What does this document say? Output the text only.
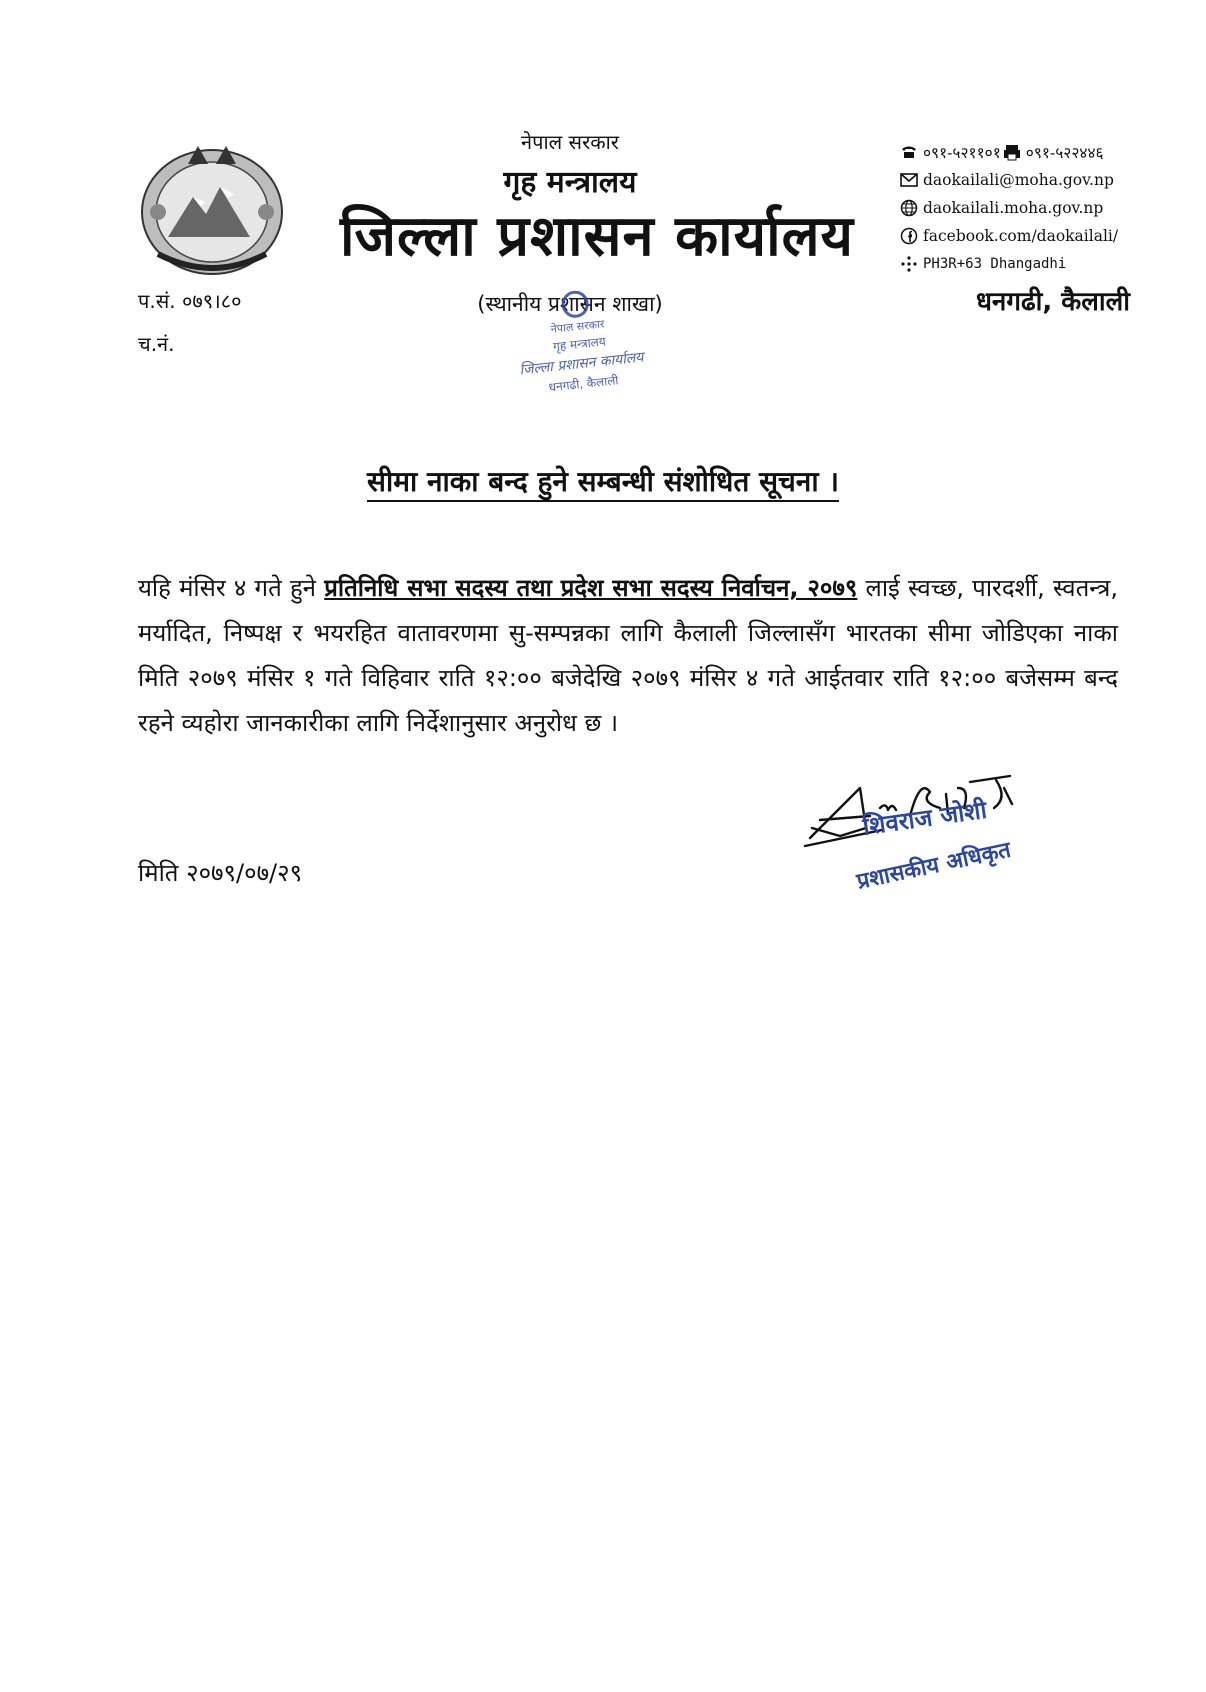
नेपाल सरकार
गृह मन्त्रालय
जिल्ला प्रशासन कार्यालय
(स्थानीय प्रशासन शाखा)
०९१-५२११०१ ०९१-५२२४४६
daokailali@moha.gov.np
daokailali.moha.gov.np
facebook.com/daokailali/
PH3R+63 Dhangadhi
धनगढी, कैलाली
प.सं. ०७९।८०
च.नं.
नेपाल सरकार
गृह मन्त्रालय
जिल्ला प्रशासन कार्यालय
धनगढी, कैलाली
सीमा नाका बन्द हुने सम्बन्धी संशोधित सूचना ।
यहि मंसिर ४ गते हुने प्रतिनिधि सभा सदस्य तथा प्रदेश सभा सदस्य निर्वाचन, २०७९ लाई स्वच्छ, पारदर्शी, स्वतन्त्र, मर्यादित, निष्पक्ष र भयरहित वातावरणमा सु-सम्पन्नका लागि कैलाली जिल्लासँग भारतका सीमा जोडिएका नाका मिति २०७९ मंसिर १ गते विहिवार राति १२:०० बजेदेखि २०७९ मंसिर ४ गते आईतवार राति १२:०० बजेसम्म बन्द रहने व्यहोरा जानकारीका लागि निर्देशानुसार अनुरोध छ ।
मिति २०७९/०७/२९
शिवराज जोशी
प्रशासकीय अधिकृत
